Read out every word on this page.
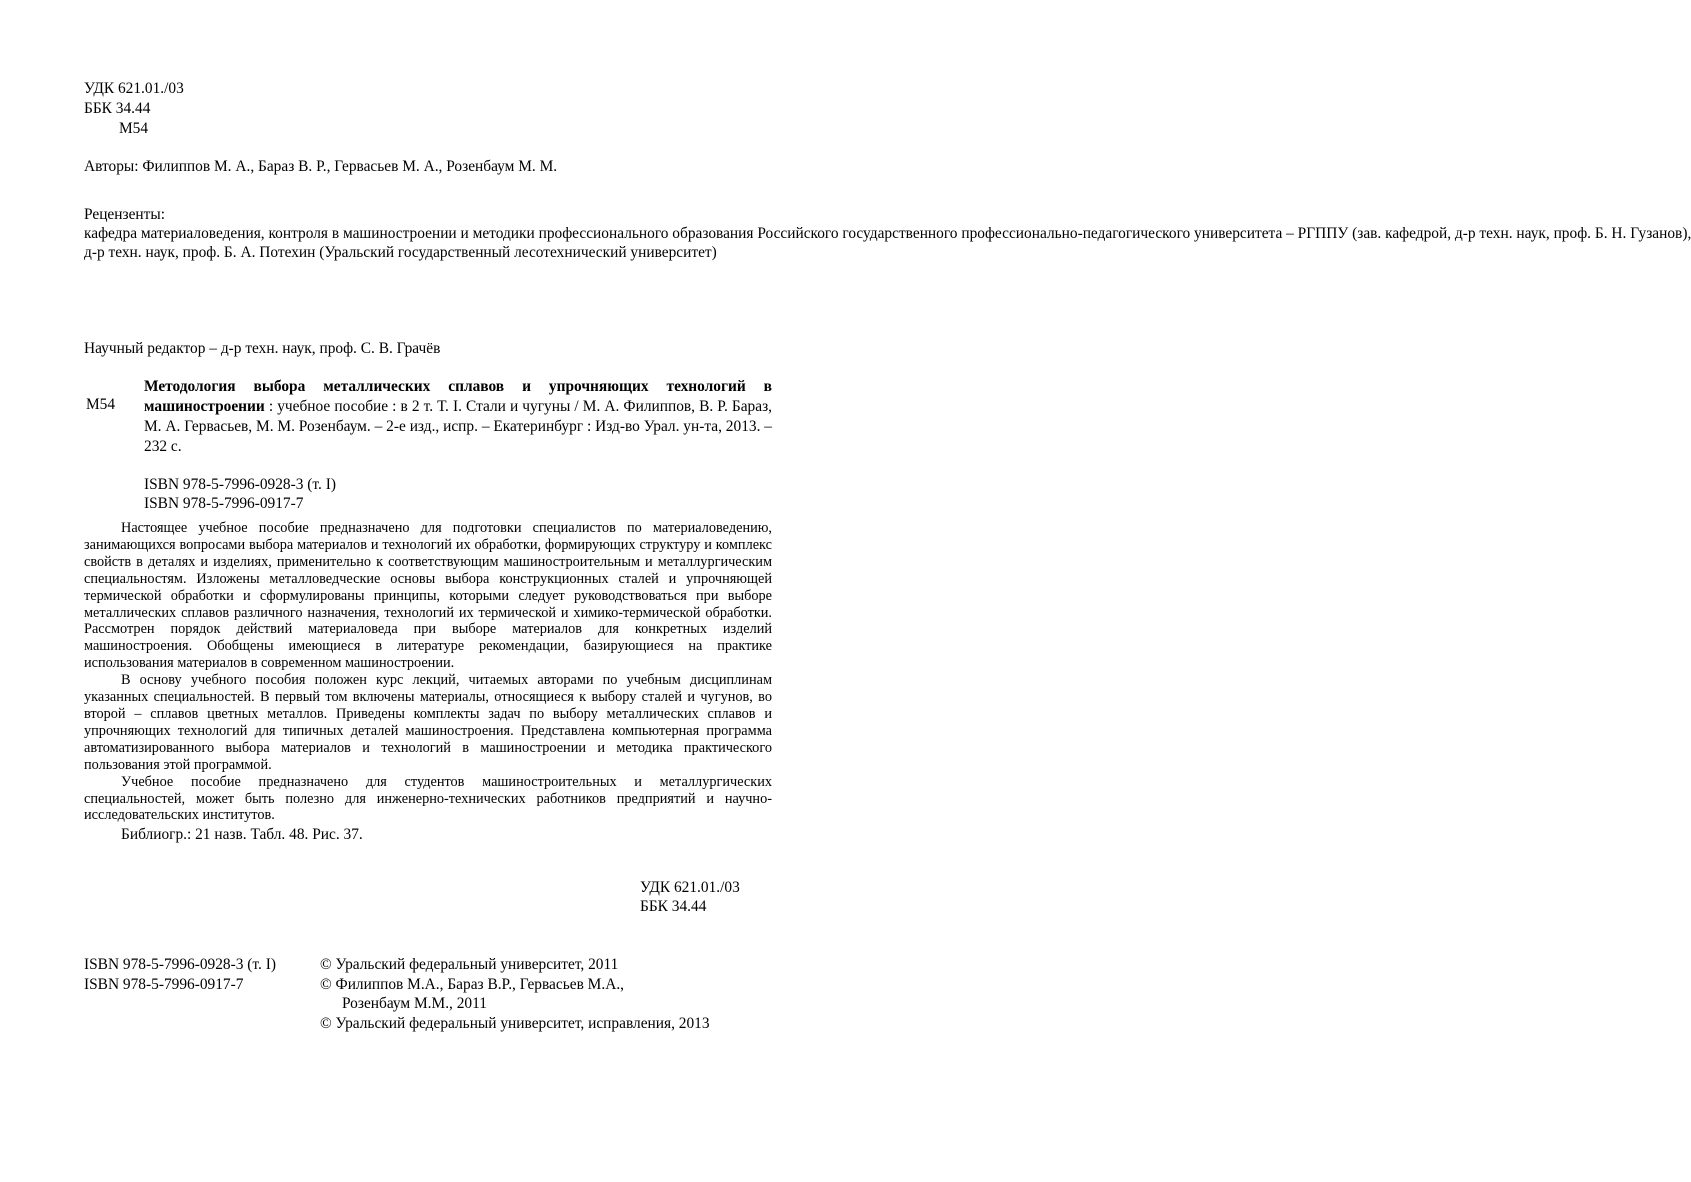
УДК 621.01./03
ББК 34.44
М54
Авторы: Филиппов М. А., Бараз В. Р., Гервасьев М. А., Розенбаум М. М.

Рецензенты:

кафедра материаловедения, контроля в машиностроении и методики профессионального образования Российского государственного профессионально-педагогического университета – РГППУ (зав. кафедрой, д-р техн. наук, проф. Б. Н. Гузанов),

д-р техн. наук, проф. Б. А. Потехин (Уральский государственный лесотехнический университет)

Научный редактор – д-р техн. наук, проф. С. В. Грачёв
М54
Методология выбора металлических сплавов и упрочняющих технологий в машиностроении : учебное пособие : в 2 т. Т. I. Стали и чугуны / М. А. Филиппов, В. Р. Бараз, М. А. Гервасьев, М. М. Розенбаум. – 2-е изд., испр. – Екатеринбург : Изд-во Урал. ун-та, 2013. – 232 с.
ISBN 978-5-7996-0928-3 (т. I)
ISBN 978-5-7996-0917-7

Настоящее учебное пособие предназначено для подготовки специалистов по материаловедению, занимающихся вопросами выбора материалов и технологий их обработки, формирующих структуру и комплекс свойств в деталях и изделиях, применительно к соответствующим машиностроительным и металлургическим специальностям. Изложены металловедческие основы выбора конструкционных сталей и упрочняющей термической обработки и сформулированы принципы, которыми следует руководствоваться при выборе металлических сплавов различного назначения, технологий их термической и химико-термической обработки. Рассмотрен порядок действий материаловеда при выборе материалов для конкретных изделий машиностроения. Обобщены имеющиеся в литературе рекомендации, базирующиеся на практике использования материалов в современном машиностроении.

В основу учебного пособия положен курс лекций, читаемых авторами по учебным дисциплинам указанных специальностей. В первый том включены материалы, относящиеся к выбору сталей и чугунов, во второй – сплавов цветных металлов. Приведены комплекты задач по выбору металлических сплавов и упрочняющих технологий для типичных деталей машиностроения. Представлена компьютерная программа автоматизированного выбора материалов и технологий в машиностроении и методика практического пользования этой программой.

Учебное пособие предназначено для студентов машиностроительных и металлургических специальностей, может быть полезно для инженерно-технических работников предприятий и научно-исследовательских институтов.

Библиогр.: 21 назв. Табл. 48. Рис. 37.

УДК 621.01./03
ББК 34.44
ISBN 978-5-7996-0928-3 (т. I)
ISBN 978-5-7996-0917-7
© Уральский федеральный университет, 2011
© Филиппов М.А., Бараз В.Р., Гервасьев М.А.,
Розенбаум М.М., 2011
© Уральский федеральный университет, исправления, 2013
